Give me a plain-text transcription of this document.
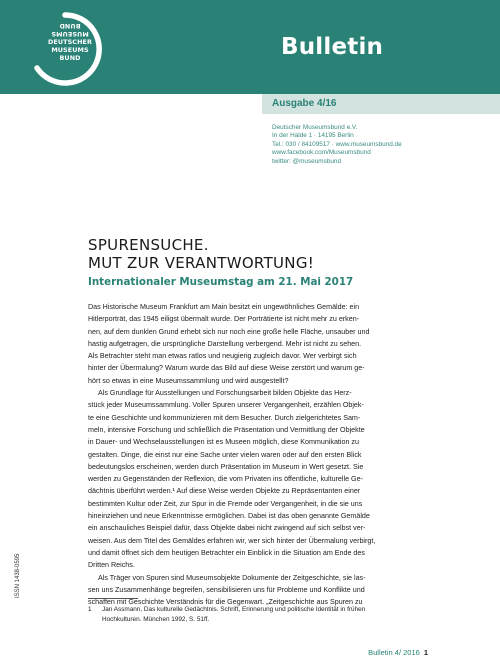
BUND
MUSEUMS
DEUTSCHER
MUSEUMS
BUND	Bulletin
Ausgabe 4/16
Deutscher Museumsbund e.V.
In der Halde 1 · 14195 Berlin
Tel.: 030 / 84109517 · www.museumsbund.de
www.facebook.com/Museumsbund
twitter: @museumsbund
SPURENSUCHE.
MUT ZUR VERANTWORTUNG!
Internationaler Museumstag am 21. Mai 2017
Das Historische Museum Frankfurt am Main besitzt ein ungewöhnliches Gemälde: ein
Hitlerporträt, das 1945 eiligst übermalt wurde. Der Porträtierte ist nicht mehr zu erken-
nen, auf dem dunklen Grund erhebt sich nur noch eine große helle Fläche, unsauber und
hastig aufgetragen, die ursprüngliche Darstellung verbergend. Mehr ist nicht zu sehen.
Als Betrachter steht man etwas ratlos und neugierig zugleich davor. Wer verbirgt sich
hinter der Übermalung? Warum wurde das Bild auf diese Weise zerstört und warum ge-
hört so etwas in eine Museumssammlung und wird ausgestellt?
Als Grundlage für Ausstellungen und Forschungsarbeit bilden Objekte das Herz-
stück jeder Museumssammlung. Voller Spuren unserer Vergangenheit, erzählen Objek-
te eine Geschichte und kommunizieren mit dem Besucher. Durch zielgerichtetes Sam-
meln, intensive Forschung und schließlich die Präsentation und Vermittlung der Objekte
in Dauer- und Wechselausstellungen ist es Museen möglich, diese Kommunikation zu
gestalten. Dinge, die einst nur eine Sache unter vielen waren oder auf den ersten Blick
bedeutungslos erscheinen, werden durch Präsentation im Museum in Wert gesetzt. Sie
werden zu Gegenständen der Reflexion, die vom Privaten ins öffentliche, kulturelle Ge-
dächtnis überführt werden.¹ Auf diese Weise werden Objekte zu Repräsentanten einer
bestimmten Kultur oder Zeit, zur Spur in die Fremde oder Vergangenheit, in die sie uns
hineinziehen und neue Erkenntnisse ermöglichen. Dabei ist das oben genannte Gemälde
ein anschauliches Beispiel dafür, dass Objekte dabei nicht zwingend auf sich selbst ver-
weisen. Aus dem Titel des Gemäldes erfahren wir, wer sich hinter der Übermalung verbirgt,
und damit öffnet sich dem heutigen Betrachter ein Einblick in die Situation am Ende des
Dritten Reichs.
Als Träger von Spuren sind Museumsobjekte Dokumente der Zeitgeschichte, sie las-
sen uns Zusammenhänge begreifen, sensibilisieren uns für Probleme und Konflikte und
schaffen mit Geschichte Verständnis für die Gegenwart. „Zeitgeschichte aus Spuren zu
1 Jan Assmann, Das kulturelle Gedächtnis. Schrift, Erinnerung und politische Identität in frühen
Hochkulturen. München 1992, S. 51ff.
ISSN 1438-0595
Bulletin 4/ 2016 1
